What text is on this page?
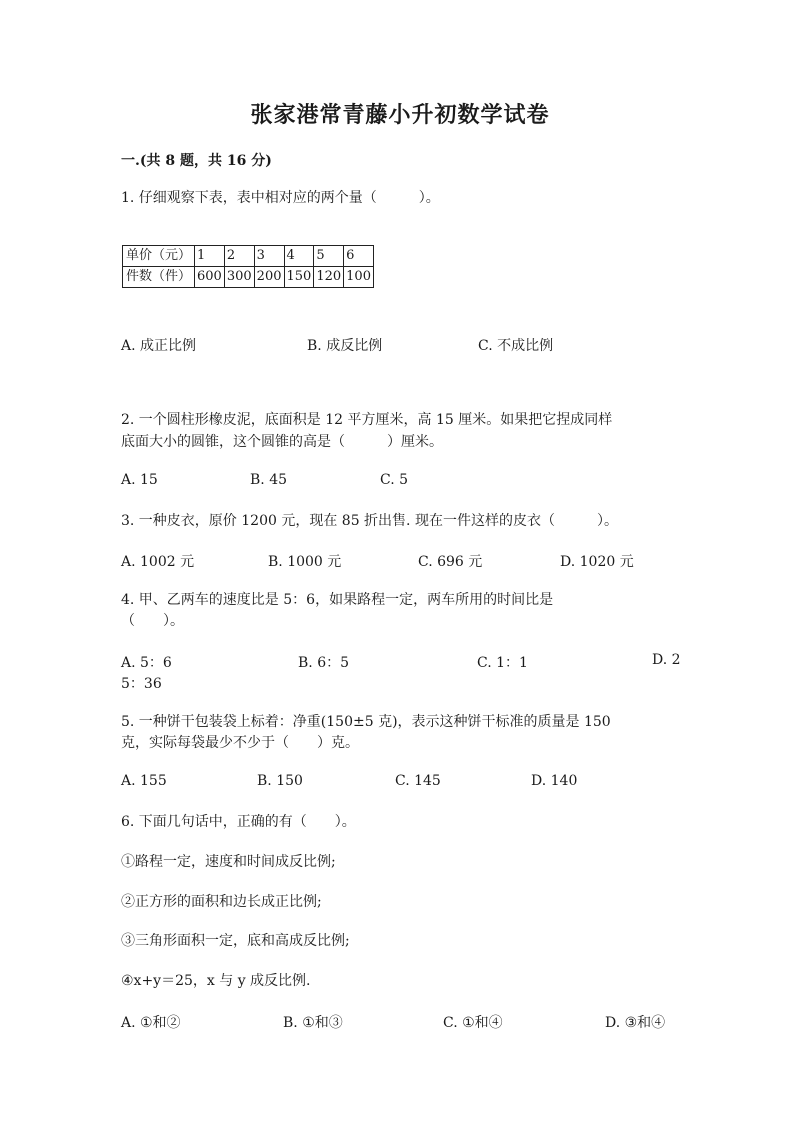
张家港常青藤小升初数学试卷
一.(共 8 题，共 16 分)
1. 仔细观察下表，表中相对应的两个量（　　　）。
单价（元）	1	2	3	4	5	6
件数（件）	600	300	200	150	120	100
A. 成正比例	B. 成反比例	C. 不成比例
2. 一个圆柱形橡皮泥，底面积是 12 平方厘米，高 15 厘米。如果把它捏成同样
底面大小的圆锥，这个圆锥的高是（　　　）厘米。
A. 15	B. 45	C. 5
3. 一种皮衣，原价 1200 元，现在 85 折出售. 现在一件这样的皮衣（　　　）。
A. 1002 元	B. 1000 元	C. 696 元	D. 1020 元
4. 甲、乙两车的速度比是 5：6，如果路程一定，两车所用的时间比是
（　　）。
A. 5：6	B. 6：5	C. 1：1	D. 2
5：36
5. 一种饼干包装袋上标着：净重(150±5 克)，表示这种饼干标准的质量是 150
克，实际每袋最少不少于（　　）克。
A. 155	B. 150	C. 145	D. 140
6. 下面几句话中，正确的有（　　）。
①路程一定，速度和时间成反比例;
②正方形的面积和边长成正比例;
③三角形面积一定，底和高成反比例;
④x+y＝25，x 与 y 成反比例.
A. ①和②	B. ①和③	C. ①和④	D. ③和④
